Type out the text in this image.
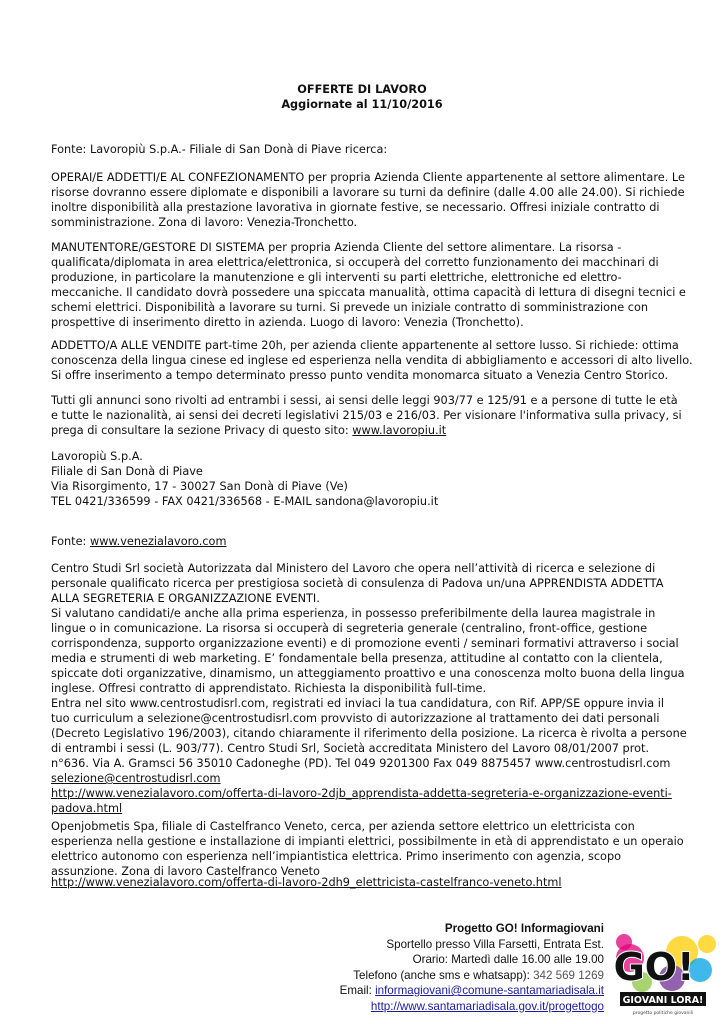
OFFERTE DI LAVORO
Aggiornate al 11/10/2016
Fonte: Lavoropiù S.p.A.- Filiale di San Donà di Piave ricerca:
OPERAI/E ADDETTI/E AL CONFEZIONAMENTO per propria Azienda Cliente appartenente al settore alimentare. Le
risorse dovranno essere diplomate e disponibili a lavorare su turni da definire (dalle 4.00 alle 24.00). Si richiede
inoltre disponibilità alla prestazione lavorativa in giornate festive, se necessario. Offresi iniziale contratto di
somministrazione. Zona di lavoro: Venezia-Tronchetto.
MANUTENTORE/GESTORE DI SISTEMA per propria Azienda Cliente del settore alimentare. La risorsa -
qualificata/diplomata in area elettrica/elettronica, si occuperà del corretto funzionamento dei macchinari di
produzione, in particolare la manutenzione e gli interventi su parti elettriche, elettroniche ed elettro-
meccaniche. Il candidato dovrà possedere una spiccata manualità, ottima capacità di lettura di disegni tecnici e
schemi elettrici. Disponibilità a lavorare su turni. Si prevede un iniziale contratto di somministrazione con
prospettive di inserimento diretto in azienda. Luogo di lavoro: Venezia (Tronchetto).
ADDETTO/A ALLE VENDITE part-time 20h, per azienda cliente appartenente al settore lusso. Si richiede: ottima
conoscenza della lingua cinese ed inglese ed esperienza nella vendita di abbigliamento e accessori di alto livello.
Si offre inserimento a tempo determinato presso punto vendita monomarca situato a Venezia Centro Storico.
Tutti gli annunci sono rivolti ad entrambi i sessi, ai sensi delle leggi 903/77 e 125/91 e a persone di tutte le età
e tutte le nazionalità, ai sensi dei decreti legislativi 215/03 e 216/03. Per visionare l'informativa sulla privacy, si
prega di consultare la sezione Privacy di questo sito: www.lavoropiu.it
Lavoropiù S.p.A.
Filiale di San Donà di Piave
Via Risorgimento, 17 - 30027 San Donà di Piave (Ve)
TEL 0421/336599 - FAX 0421/336568 - E-MAIL sandona@lavoropiu.it
Fonte: www.venezialavoro.com
Centro Studi Srl società Autorizzata dal Ministero del Lavoro che opera nell’attività di ricerca e selezione di
personale qualificato ricerca per prestigiosa società di consulenza di Padova un/una APPRENDISTA ADDETTA
ALLA SEGRETERIA E ORGANIZZAZIONE EVENTI.
Si valutano candidati/e anche alla prima esperienza, in possesso preferibilmente della laurea magistrale in
lingue o in comunicazione. La risorsa si occuperà di segreteria generale (centralino, front-office, gestione
corrispondenza, supporto organizzazione eventi) e di promozione eventi / seminari formativi attraverso i social
media e strumenti di web marketing. E’ fondamentale bella presenza, attitudine al contatto con la clientela,
spiccate doti organizzative, dinamismo, un atteggiamento proattivo e una conoscenza molto buona della lingua
inglese. Offresi contratto di apprendistato. Richiesta la disponibilità full-time.
Entra nel sito www.centrostudisrl.com, registrati ed inviaci la tua candidatura, con Rif. APP/SE oppure invia il
tuo curriculum a selezione@centrostudisrl.com provvisto di autorizzazione al trattamento dei dati personali
(Decreto Legislativo 196/2003), citando chiaramente il riferimento della posizione. La ricerca è rivolta a persone
di entrambi i sessi (L. 903/77). Centro Studi Srl, Società accreditata Ministero del Lavoro 08/01/2007 prot.
n°636. Via A. Gramsci 56 35010 Cadoneghe (PD). Tel 049 9201300 Fax 049 8875457 www.centrostudisrl.com
selezione@centrostudisrl.com
http://www.venezialavoro.com/offerta-di-lavoro-2djb_apprendista-addetta-segreteria-e-organizzazione-eventi-
padova.html
Openjobmetis Spa, filiale di Castelfranco Veneto, cerca, per azienda settore elettrico un elettricista con
esperienza nella gestione e installazione di impianti elettrici, possibilmente in età di apprendistato e un operaio
elettrico autonomo con esperienza nell’impiantistica elettrica. Primo inserimento con agenzia, scopo
assunzione. Zona di lavoro Castelfranco Veneto
http://www.venezialavoro.com/offerta-di-lavoro-2dh9_elettricista-castelfranco-veneto.html
Progetto GO! Informagiovani
Sportello presso Villa Farsetti, Entrata Est.
Orario: Martedì dalle 16.00 alle 19.00
Telefono (anche sms e whatsapp): 342 569 1269
Email: informagiovani@comune-santamariadisala.it
http://www.santamariadisala.gov.it/progettogo
GO!
GIOVANI LORA!
progetto politiche giovanili
